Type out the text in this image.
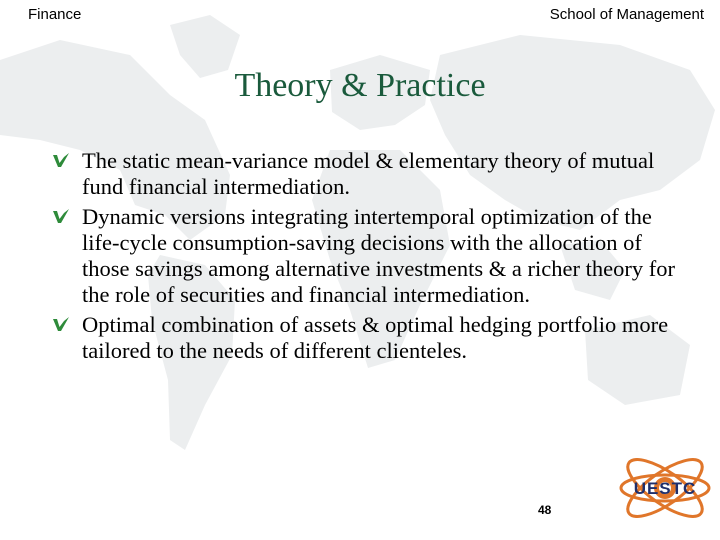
Finance	School of Management
Theory & Practice
The static mean-variance model & elementary theory of mutual fund financial intermediation.
Dynamic versions integrating intertemporal optimization of the life-cycle consumption-saving decisions with the allocation of those savings among alternative investments & a richer theory for the role of securities and financial intermediation.
Optimal combination of assets & optimal hedging portfolio more tailored to the needs of different clienteles.
48
UESTC
